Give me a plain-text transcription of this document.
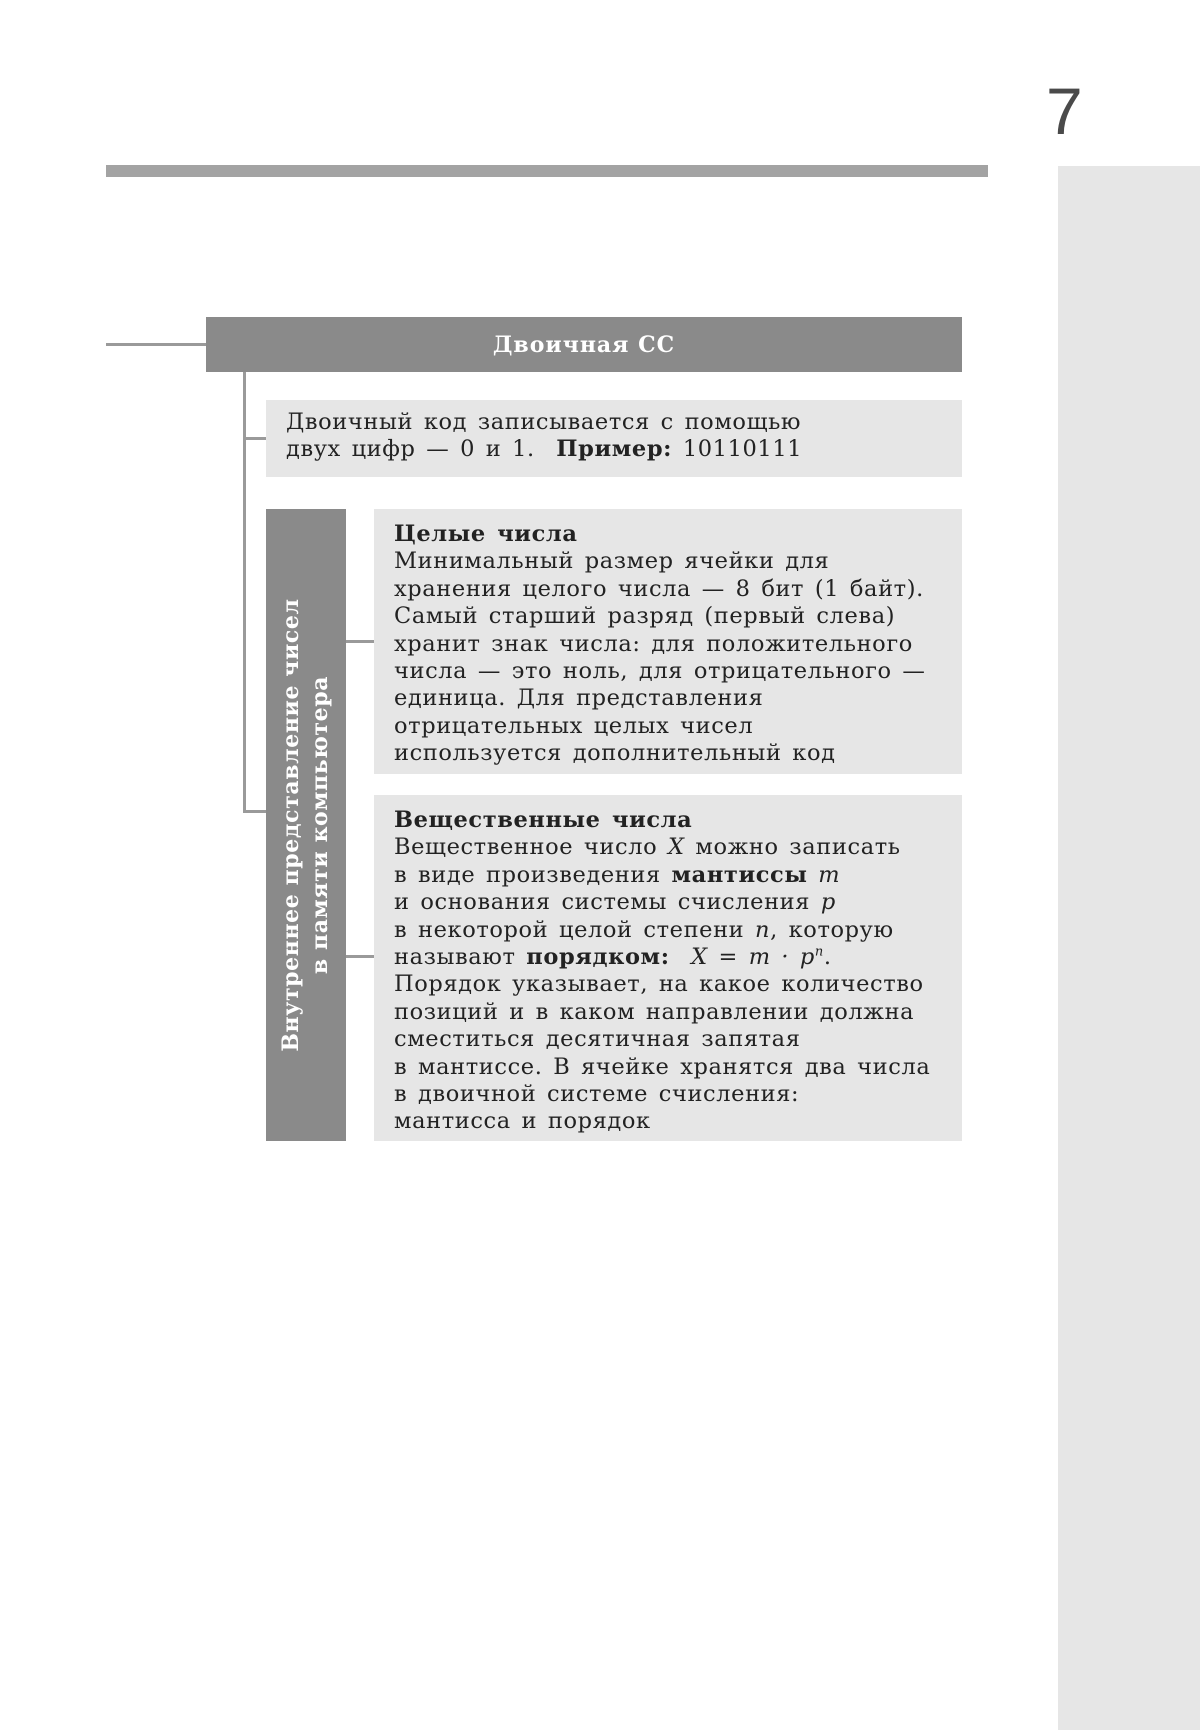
7
Двоичная СС
Двоичный код записывается с помощью
двух цифр — 0 и 1. Пример: 10110111
Внутреннее представление чисел в памяти компьютера
Целые числа
Минимальный размер ячейки для
хранения целого числа — 8 бит (1 байт).
Самый старший разряд (первый слева)
хранит знак числа: для положительного
числа — это ноль, для отрицательного —
единица. Для представления
отрицательных целых чисел
используется дополнительный код
Вещественные числа
Вещественное число X можно записать
в виде произведения мантиссы m
и основания системы счисления p
в некоторой целой степени n, которую
называют порядком: $X = m \cdot p^n$.
Порядок указывает, на какое количество
позиций и в каком направлении должна
сместиться десятичная запятая
в мантиссе. В ячейке хранятся два числа
в двоичной системе счисления:
мантисса и порядок
